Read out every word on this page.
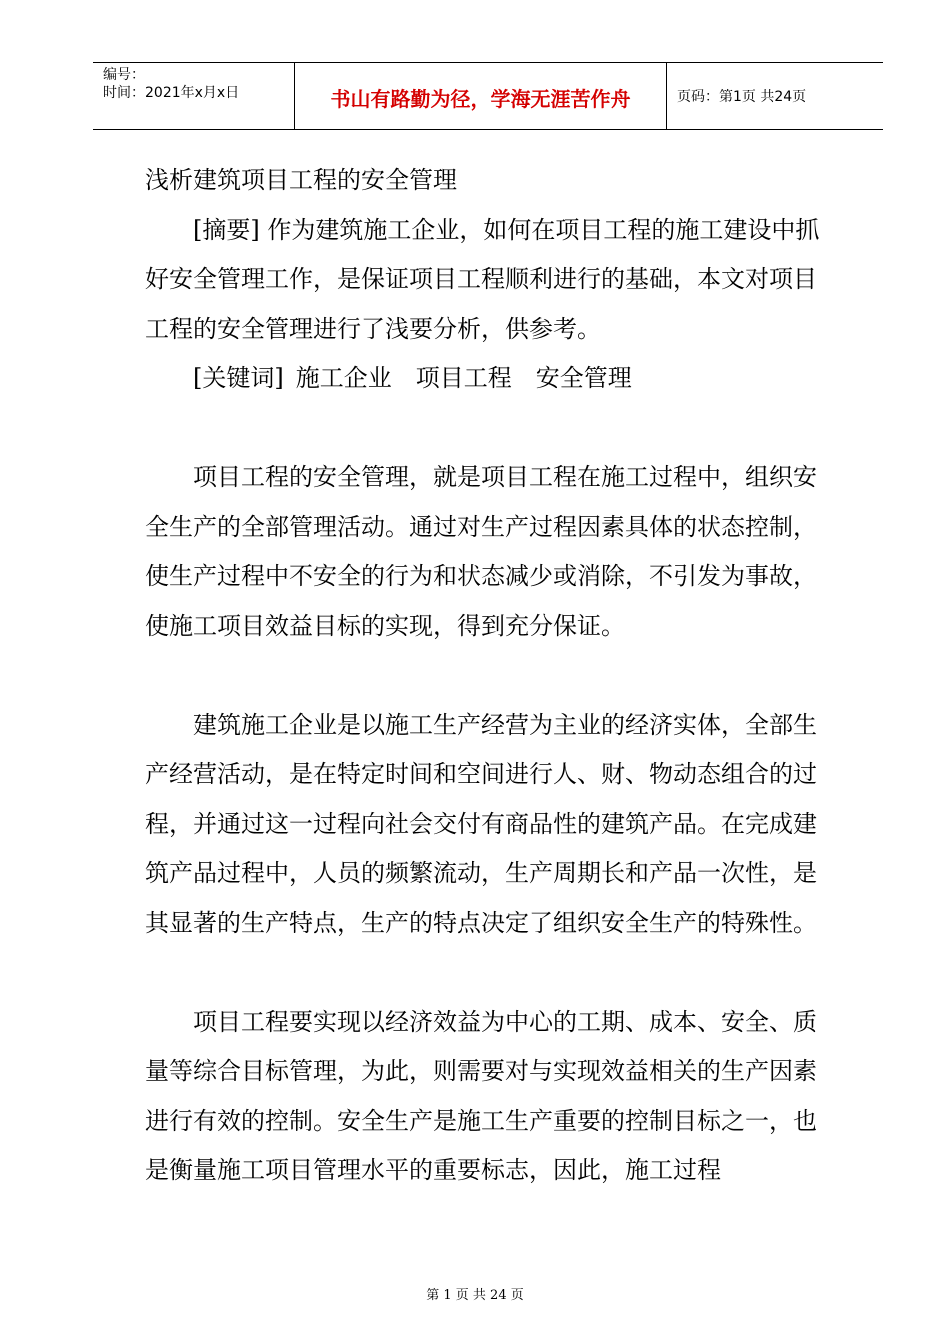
编号：
时间：2021年x月x日	书山有路勤为径，学海无涯苦作舟	页码：第1页 共24页

浅析建筑项目工程的安全管理

[摘要] 作为建筑施工企业，如何在项目工程的施工建设中抓好安全管理工作，是保证项目工程顺利进行的基础，本文对项目工程的安全管理进行了浅要分析，供参考。

[关键词] 施工企业 项目工程 安全管理

项目工程的安全管理，就是项目工程在施工过程中，组织安全生产的全部管理活动。通过对生产过程因素具体的状态控制，使生产过程中不安全的行为和状态减少或消除，不引发为事故，使施工项目效益目标的实现，得到充分保证。

建筑施工企业是以施工生产经营为主业的经济实体，全部生产经营活动，是在特定时间和空间进行人、财、物动态组合的过程，并通过这一过程向社会交付有商品性的建筑产品。在完成建筑产品过程中，人员的频繁流动，生产周期长和产品一次性，是其显著的生产特点，生产的特点决定了组织安全生产的特殊性。

项目工程要实现以经济效益为中心的工期、成本、安全、质量等综合目标管理，为此，则需要对与实现效益相关的生产因素进行有效的控制。安全生产是施工生产重要的控制目标之一，也是衡量施工项目管理水平的重要标志，因此，施工过程

第 1 页 共 24 页
